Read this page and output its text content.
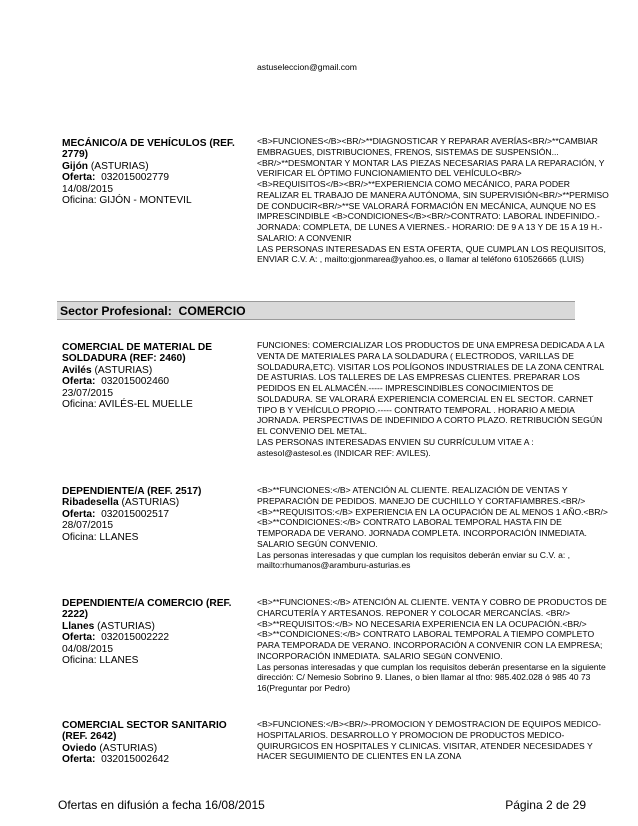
astuseleccion@gmail.com
MECÁNICO/A DE VEHÍCULOS (REF. 2779)
Gijón (ASTURIAS)
Oferta: 032015002779
14/08/2015
Oficina: GIJÓN - MONTEVIL

<B>FUNCIONES</B><BR/>**DIAGNOSTICAR Y REPARAR AVERÍAS<BR/>**CAMBIAR EMBRAGUES, DISTRIBUCIONES, FRENOS, SISTEMAS DE SUSPENSIÓN...<BR/>**DESMONTAR Y MONTAR LAS PIEZAS NECESARIAS PARA LA REPARACIÓN, Y VERIFICAR EL ÓPTIMO FUNCIONAMIENTO DEL VEHÍCULO<BR/> <B>REQUISITOS</B><BR/>**EXPERIENCIA COMO MECÁNICO, PARA PODER REALIZAR EL TRABAJO DE MANERA AUTÓNOMA, SIN SUPERVISIÓN<BR/>**PERMISO DE CONDUCIR<BR/>**SE VALORARÁ FORMACIÓN EN MECÁNICA, AUNQUE NO ES IMPRESCINDIBLE <B>CONDICIONES</B><BR/>CONTRATO: LABORAL INDEFINIDO.- JORNADA: COMPLETA, DE LUNES A VIERNES.- HORARIO: DE 9 A 13 Y DE 15 A 19 H.- SALARIO: A CONVENIR

LAS PERSONAS INTERESADAS EN ESTA OFERTA, QUE CUMPLAN LOS REQUISITOS, ENVIAR C.V. A: , mailto:gjonmarea@yahoo.es, o llamar al teléfono 610526665 (LUIS)

Sector Profesional: COMERCIO
COMERCIAL DE MATERIAL DE SOLDADURA (REF: 2460)
Avilés (ASTURIAS)
Oferta: 032015002460
23/07/2015
Oficina: AVILÉS-EL MUELLE

FUNCIONES: COMERCIALIZAR LOS PRODUCTOS DE UNA EMPRESA DEDICADA A LA VENTA DE MATERIALES PARA LA SOLDADURA ( ELECTRODOS, VARILLAS DE SOLDADURA,ETC). VISITAR LOS POLÍGONOS INDUSTRIALES DE LA ZONA CENTRAL DE ASTURIAS. LOS TALLERES DE LAS EMPRESAS CLIENTES. PREPARAR LOS PEDIDOS EN EL ALMACÉN.----- IMPRESCINDIBLES CONOCIMIENTOS DE SOLDADURA. SE VALORARÁ EXPERIENCIA COMERCIAL EN EL SECTOR. CARNET TIPO B Y VEHÍCULO PROPIO.----- CONTRATO TEMPORAL . HORARIO A MEDIA JORNADA. PERSPECTIVAS DE INDEFINIDO A CORTO PLAZO. RETRIBUCIÓN SEGÚN EL CONVENIO DEL METAL.

LAS PERSONAS INTERESADAS ENVIEN SU CURRÍCULUM VITAE A : astesol@astesol.es (INDICAR REF: AVILES).

DEPENDIENTE/A (REF. 2517)
Ribadesella (ASTURIAS)
Oferta: 032015002517
28/07/2015
Oficina: LLANES

<B>**FUNCIONES:</B> ATENCIÓN AL CLIENTE. REALIZACIÓN DE VENTAS Y PREPARACIÓN DE PEDIDOS. MANEJO DE CUCHILLO Y CORTAFIAMBRES.<BR/> <B>**REQUISITOS:</B> EXPERIENCIA EN LA OCUPACIÓN DE AL MENOS 1 AÑO.<BR/> <B>**CONDICIONES:</B> CONTRATO LABORAL TEMPORAL HASTA FIN DE TEMPORADA DE VERANO. JORNADA COMPLETA. INCORPORACIÓN INMEDIATA. SALARIO SEGÚN CONVENIO.

Las personas interesadas y que cumplan los requisitos deberán enviar su C.V. a: , mailto:rhumanos@aramburu-asturias.es

DEPENDIENTE/A COMERCIO (REF. 2222)
Llanes (ASTURIAS)
Oferta: 032015002222
04/08/2015
Oficina: LLANES

<B>**FUNCIONES:</B> ATENCIÓN AL CLIENTE. VENTA Y COBRO DE PRODUCTOS DE CHARCUTERÍA Y ARTESANOS. REPONER Y COLOCAR MERCANCÍAS. <BR/> <B>**REQUISITOS:</B> NO NECESARIA EXPERIENCIA EN LA OCUPACIÓN.<BR/> <B>**CONDICIONES:</B> CONTRATO LABORAL TEMPORAL A TIEMPO COMPLETO PARA TEMPORADA DE VERANO. INCORPORACIÓN A CONVENIR CON LA EMPRESA; INCORPORACIÓN INMEDIATA. SALARIO SEGúN CONVENIO.

Las personas interesadas y que cumplan los requisitos deberán presentarse en la siguiente dirección: C/ Nemesio Sobrino 9. Llanes, o bien llamar al tfno: 985.402.028 ó 985 40 73 16(Preguntar por Pedro)

COMERCIAL SECTOR SANITARIO (REF. 2642)
Oviedo (ASTURIAS)
Oferta: 032015002642

<B>FUNCIONES:</B><BR/>-PROMOCION Y DEMOSTRACION DE EQUIPOS MEDICO-HOSPITALARIOS. DESARROLLO Y PROMOCION DE PRODUCTOS MEDICO-QUIRURGICOS EN HOSPITALES Y CLINICAS. VISITAR, ATENDER NECESIDADES Y HACER SEGUIMIENTO DE CLIENTES EN LA ZONA

Ofertas en difusión a fecha 16/08/2015	Página 2 de 29
